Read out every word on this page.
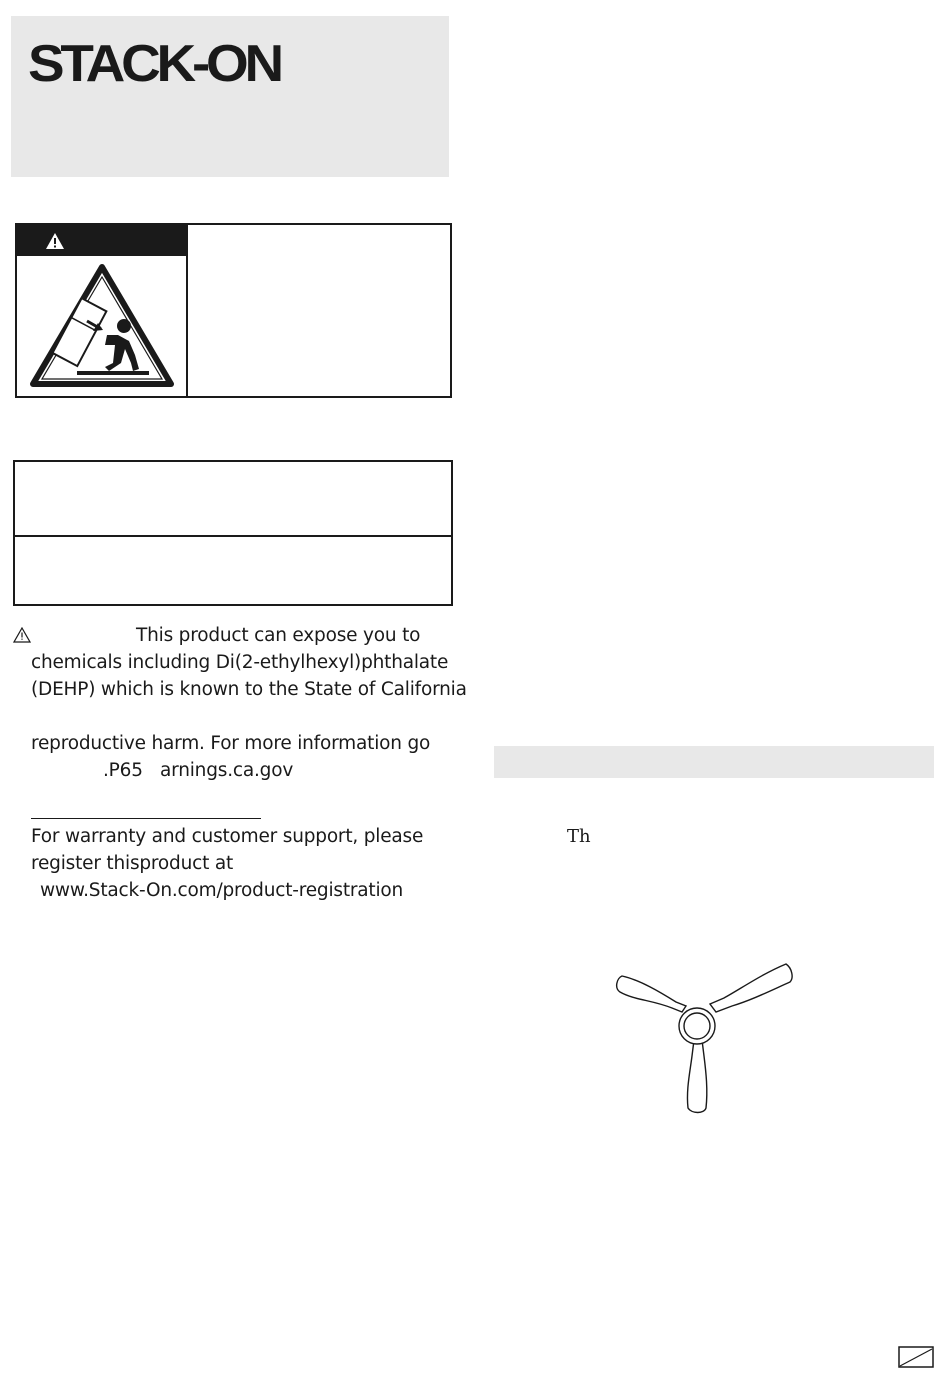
STACK-ON
This product can expose you to
chemicals including Di(2-ethylhexyl)phthalate
(DEHP) which is known to the State of California
reproductive harm. For more information go
.P65 arnings.ca.gov
For warranty and customer support, please
register thisproduct at
www.Stack-On.com/product-registration
Th
